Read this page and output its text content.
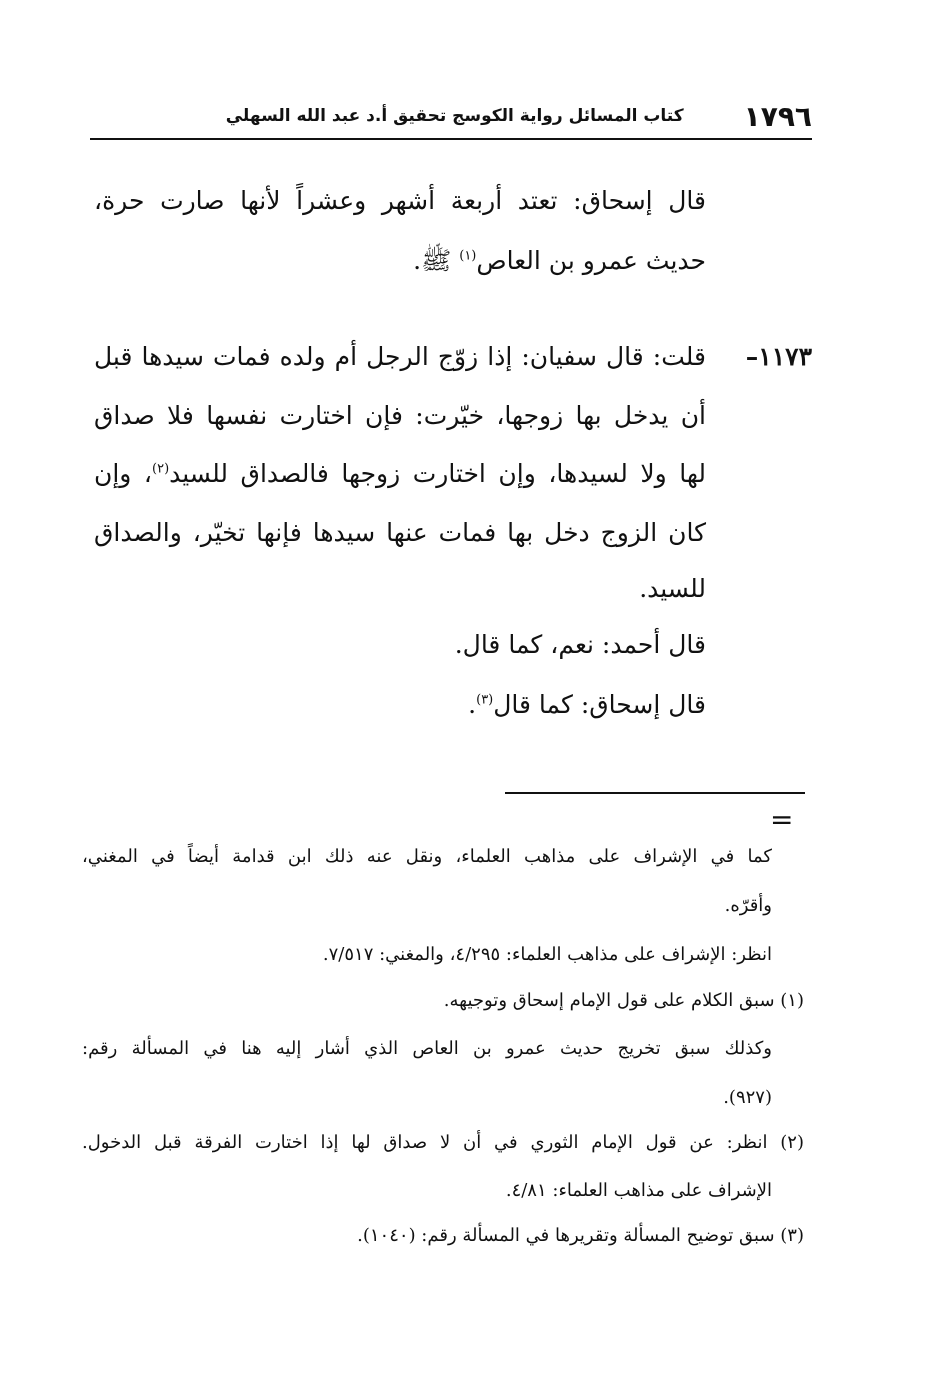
١٧٩٦
كتاب المسائل رواية الكوسج تحقيق أ.د عبد الله السهلي
قال إسحاق: تعتد أربعة أشهر وعشراً لأنها صارت حرة،
حديث عمرو بن العاص$^{(١)}$ ﷺ.
١١٧٣–
قلت: قال سفيان: إذا زوّج الرجل أم ولده فمات سيدها قبل
أن يدخل بها زوجها، خيّرت: فإن اختارت نفسها فلا صداق
لها ولا لسيدها، وإن اختارت زوجها فالصداق للسيد$^{(٢)}$، وإن
كان الزوج دخل بها فمات عنها سيدها فإنها تخيّر، والصداق
للسيد.
قال أحمد: نعم، كما قال.
قال إسحاق: كما قال$^{(٣)}$.
=
كما في الإشراف على مذاهب العلماء، ونقل عنه ذلك ابن قدامة أيضاً في المغني،
وأقرّه.
انظر: الإشراف على مذاهب العلماء: ٤/٢٩٥، والمغني: ٧/٥١٧.
(١) سبق الكلام على قول الإمام إسحاق وتوجيهه.
وكذلك سبق تخريج حديث عمرو بن العاص الذي أشار إليه هنا في المسألة رقم:
(٩٢٧).
(٢) انظر: عن قول الإمام الثوري في أن لا صداق لها إذا اختارت الفرقة قبل الدخول.
الإشراف على مذاهب العلماء: ٤/٨١.
(٣) سبق توضيح المسألة وتقريرها في المسألة رقم: (١٠٤٠).
